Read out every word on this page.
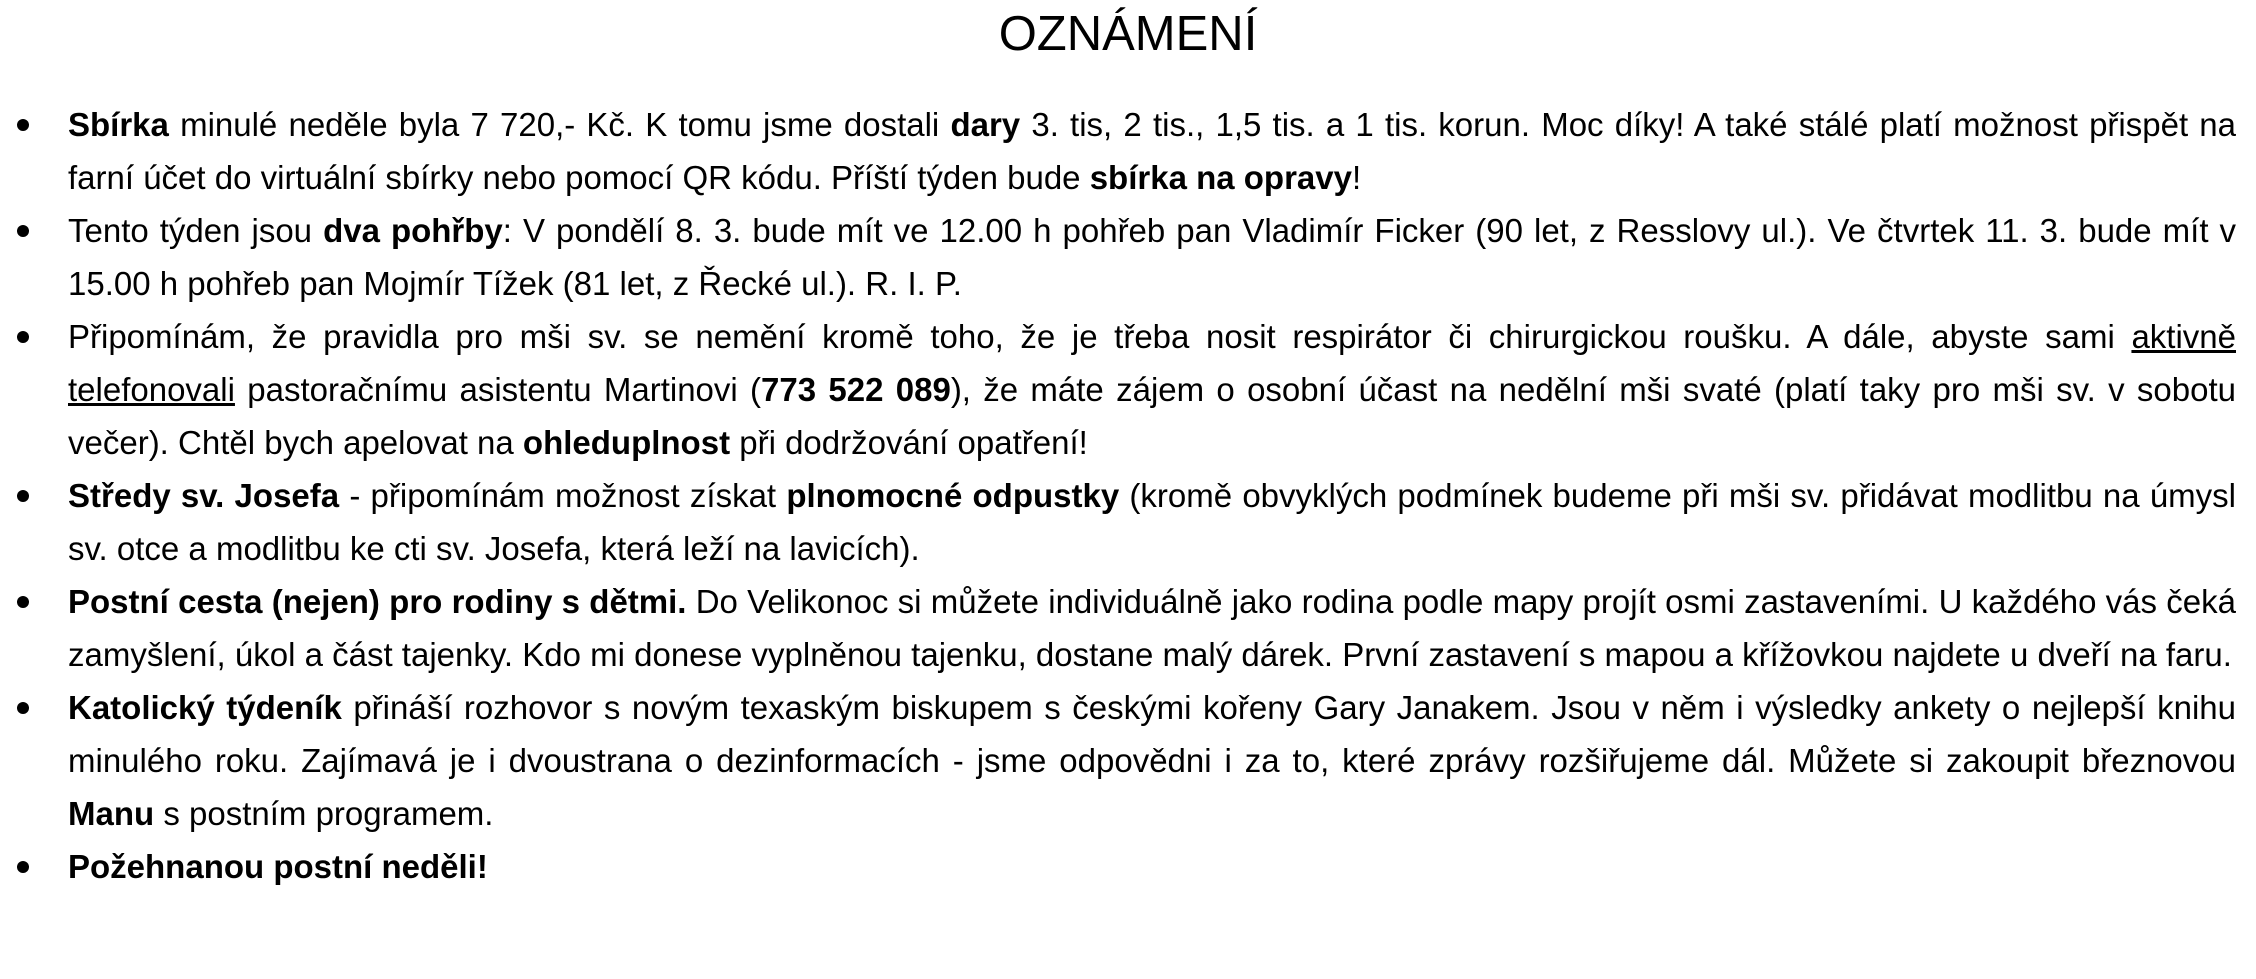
OZNÁMENÍ
Sbírka minulé neděle byla 7 720,- Kč. K tomu jsme dostali dary 3. tis, 2 tis., 1,5 tis. a 1 tis. korun. Moc díky! A také stálé platí možnost přispět na farní účet do virtuální sbírky nebo pomocí QR kódu. Příští týden bude sbírka na opravy!
Tento týden jsou dva pohřby: V pondělí 8. 3. bude mít ve 12.00 h pohřeb pan Vladimír Ficker (90 let, z Resslovy ul.). Ve čtvrtek 11. 3. bude mít v 15.00 h pohřeb pan Mojmír Tížek (81 let, z Řecké ul.). R. I. P.
Připomínám, že pravidla pro mši sv. se nemění kromě toho, že je třeba nosit respirátor či chirurgickou roušku. A dále, abyste sami aktivně telefonovali pastoračnímu asistentu Martinovi (773 522 089), že máte zájem o osobní účast na nedělní mši svaté (platí taky pro mši sv. v sobotu večer). Chtěl bych apelovat na ohleduplnost při dodržování opatření!
Středy sv. Josefa - připomínám možnost získat plnomocné odpustky (kromě obvyklých podmínek budeme při mši sv. přidávat modlitbu na úmysl sv. otce a modlitbu ke cti sv. Josefa, která leží na lavicích).
Postní cesta (nejen) pro rodiny s dětmi. Do Velikonoc si můžete individuálně jako rodina podle mapy projít osmi zastaveními. U každého vás čeká zamyšlení, úkol a část tajenky. Kdo mi donese vyplněnou tajenku, dostane malý dárek. První zastavení s mapou a křížovkou najdete u dveří na faru.
Katolický týdeník přináší rozhovor s novým texaským biskupem s českými kořeny Gary Janakem. Jsou v něm i výsledky ankety o nejlepší knihu minulého roku. Zajímavá je i dvoustrana o dezinformacích - jsme odpovědni i za to, které zprávy rozšiřujeme dál. Můžete si zakoupit březnovou Manu s postním programem.
Požehnanou postní neděli!
